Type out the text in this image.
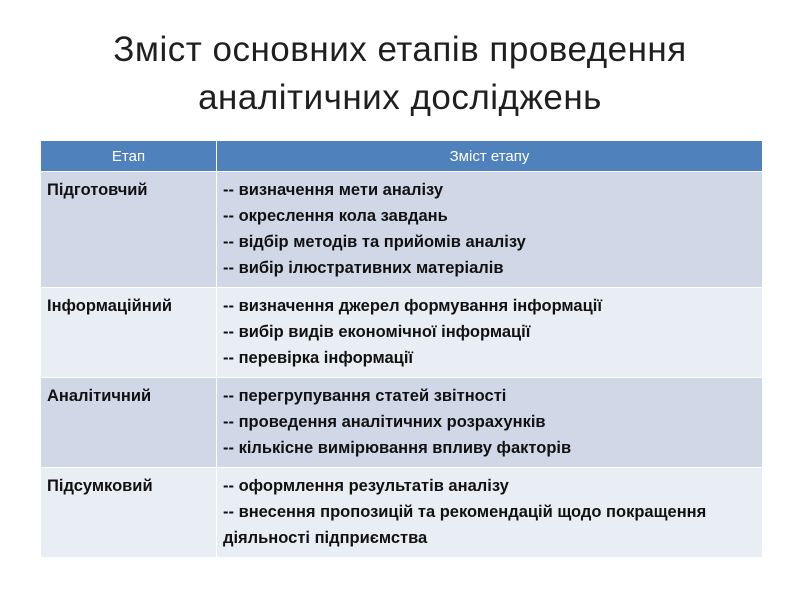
Зміст основних етапів проведення
аналітичних досліджень
Етап	Зміст етапу
Підготовчий	-- визначення мети аналізу
-- окреслення кола завдань
-- відбір методів та прийомів аналізу
-- вибір ілюстративних матеріалів

Інформаційний	-- визначення джерел формування інформації
-- вибір видів економічної інформації
-- перевірка інформації

Аналітичний	-- перегрупування статей звітності
-- проведення аналітичних розрахунків
-- кількісне вимірювання впливу факторів

Підсумковий	-- оформлення результатів аналізу
-- внесення пропозицій та рекомендацій щодо покращення діяльності підприємства
